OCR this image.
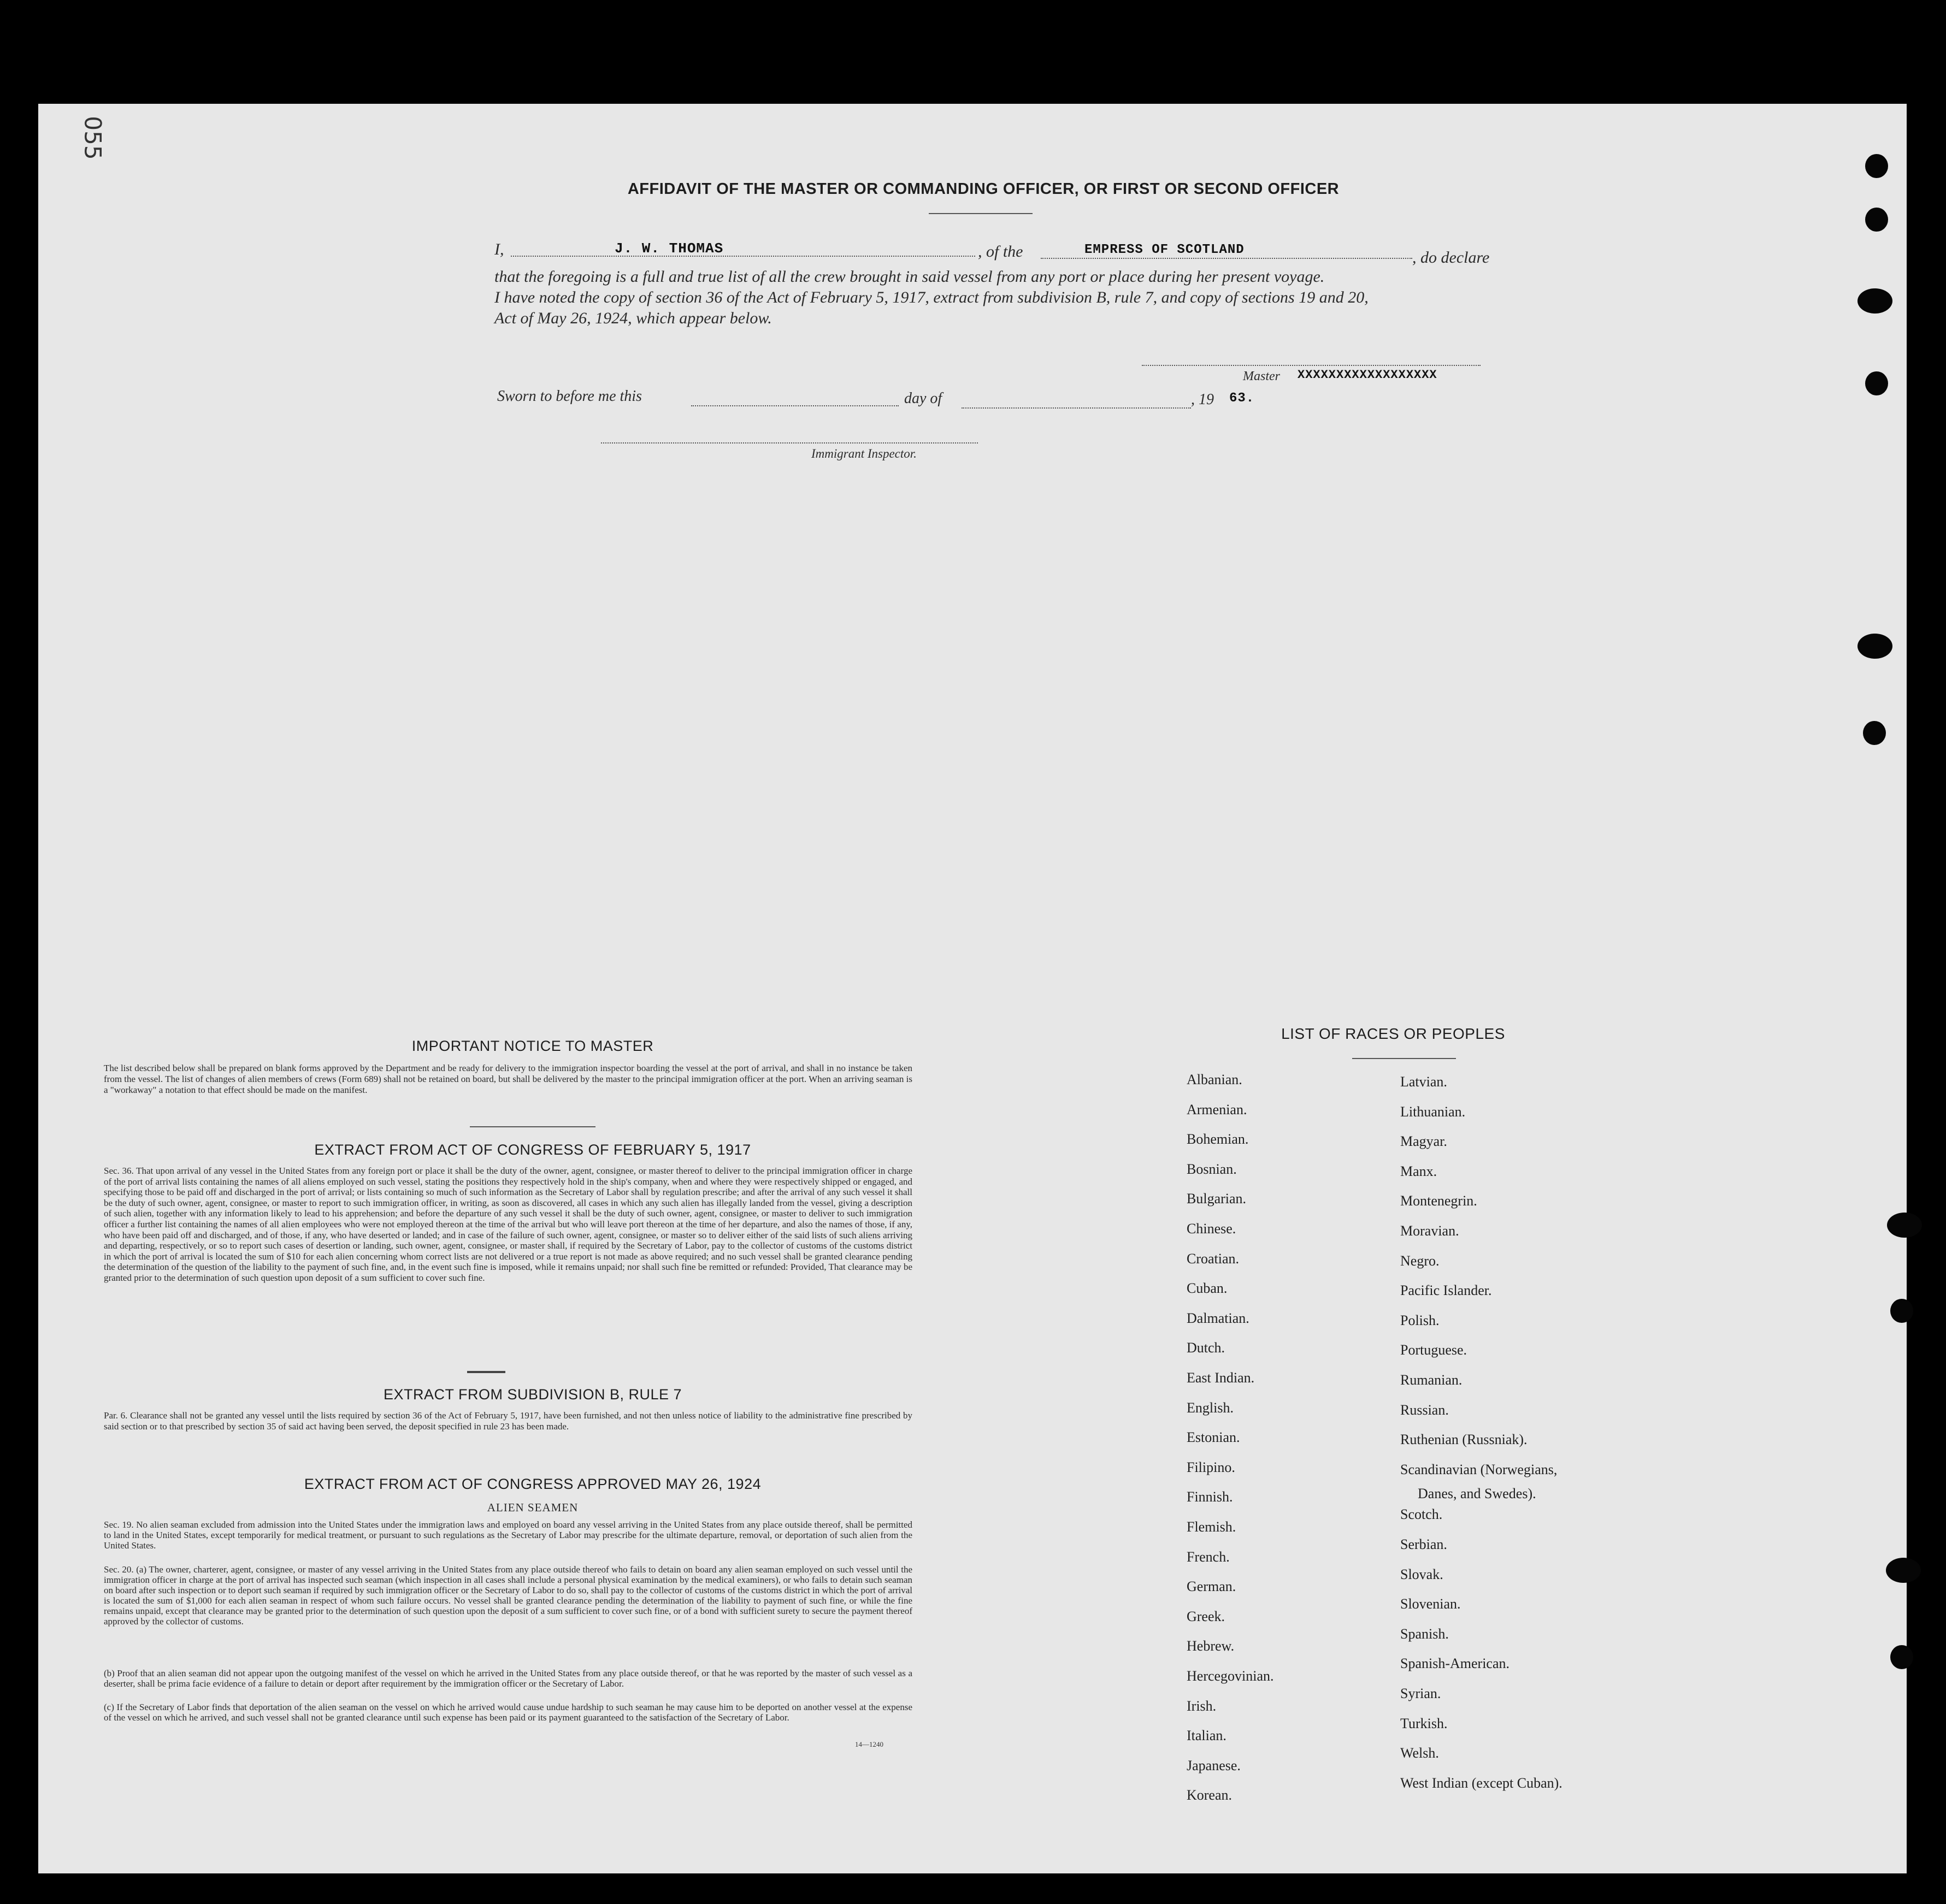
055
AFFIDAVIT OF THE MASTER OR COMMANDING OFFICER, OR FIRST OR SECOND OFFICER
I,	J. W. THOMAS	, of the	EMPRESS OF SCOTLAND	, do declare
that the foregoing is a full and true list of all the crew brought in said vessel from any port or place during her present voyage.
I have noted the copy of section 36 of the Act of February 5, 1917, extract from subdivision B, rule 7, and copy of sections 19 and 20,
Act of May 26, 1924, which appear below.
Master XXXXXXXXXXXXXXXXXX
Sworn to before me this	day of	, 19 63.
Immigrant Inspector.
IMPORTANT NOTICE TO MASTER
The list described below shall be prepared on blank forms approved by the Department and be ready for delivery to the immigration inspector boarding the vessel at the port of arrival, and shall in no instance be taken from the vessel. The list of changes of alien members of crews (Form 689) shall not be retained on board, but shall be delivered by the master to the principal immigration officer at the port. When an arriving seaman is a "workaway" a notation to that effect should be made on the manifest.
EXTRACT FROM ACT OF CONGRESS OF FEBRUARY 5, 1917
Sec. 36. That upon arrival of any vessel in the United States from any foreign port or place it shall be the duty of the owner, agent, consignee, or master thereof to deliver to the principal immigration officer in charge of the port of arrival lists containing the names of all aliens employed on such vessel, stating the positions they respectively hold in the ship's company, when and where they were respectively shipped or engaged, and specifying those to be paid off and discharged in the port of arrival; or lists containing so much of such information as the Secretary of Labor shall by regulation prescribe; and after the arrival of any such vessel it shall be the duty of such owner, agent, consignee, or master to report to such immigration officer, in writing, as soon as discovered, all cases in which any such alien has illegally landed from the vessel, giving a description of such alien, together with any information likely to lead to his apprehension; and before the departure of any such vessel it shall be the duty of such owner, agent, consignee, or master to deliver to such immigration officer a further list containing the names of all alien employees who were not employed thereon at the time of the arrival but who will leave port thereon at the time of her departure, and also the names of those, if any, who have been paid off and discharged, and of those, if any, who have deserted or landed; and in case of the failure of such owner, agent, consignee, or master so to deliver either of the said lists of such aliens arriving and departing, respectively, or so to report such cases of desertion or landing, such owner, agent, consignee, or master shall, if required by the Secretary of Labor, pay to the collector of customs of the customs district in which the port of arrival is located the sum of $10 for each alien concerning whom correct lists are not delivered or a true report is not made as above required; and no such vessel shall be granted clearance pending the determination of the question of the liability to the payment of such fine, and, in the event such fine is imposed, while it remains unpaid; nor shall such fine be remitted or refunded: Provided, That clearance may be granted prior to the determination of such question upon deposit of a sum sufficient to cover such fine.
EXTRACT FROM SUBDIVISION B, RULE 7
Par. 6. Clearance shall not be granted any vessel until the lists required by section 36 of the Act of February 5, 1917, have been furnished, and not then unless notice of liability to the administrative fine prescribed by said section or to that prescribed by section 35 of said act having been served, the deposit specified in rule 23 has been made.
EXTRACT FROM ACT OF CONGRESS APPROVED MAY 26, 1924
ALIEN SEAMEN
Sec. 19. No alien seaman excluded from admission into the United States under the immigration laws and employed on board any vessel arriving in the United States from any place outside thereof, shall be permitted to land in the United States, except temporarily for medical treatment, or pursuant to such regulations as the Secretary of Labor may prescribe for the ultimate departure, removal, or deportation of such alien from the United States.
Sec. 20. (a) The owner, charterer, agent, consignee, or master of any vessel arriving in the United States from any place outside thereof who fails to detain on board any alien seaman employed on such vessel until the immigration officer in charge at the port of arrival has inspected such seaman (which inspection in all cases shall include a personal physical examination by the medical examiners), or who fails to detain such seaman on board after such inspection or to deport such seaman if required by such immigration officer or the Secretary of Labor to do so, shall pay to the collector of customs of the customs district in which the port of arrival is located the sum of $1,000 for each alien seaman in respect of whom such failure occurs. No vessel shall be granted clearance pending the determination of the liability to payment of such fine, or while the fine remains unpaid, except that clearance may be granted prior to the determination of such question upon the deposit of a sum sufficient to cover such fine, or of a bond with sufficient surety to secure the payment thereof approved by the collector of customs.
(b) Proof that an alien seaman did not appear upon the outgoing manifest of the vessel on which he arrived in the United States from any place outside thereof, or that he was reported by the master of such vessel as a deserter, shall be prima facie evidence of a failure to detain or deport after requirement by the immigration officer or the Secretary of Labor.
(c) If the Secretary of Labor finds that deportation of the alien seaman on the vessel on which he arrived would cause undue hardship to such seaman he may cause him to be deported on another vessel at the expense of the vessel on which he arrived, and such vessel shall not be granted clearance until such expense has been paid or its payment guaranteed to the satisfaction of the Secretary of Labor.
14—1240
LIST OF RACES OR PEOPLES
Albanian.
Armenian.
Bohemian.
Bosnian.
Bulgarian.
Chinese.
Croatian.
Cuban.
Dalmatian.
Dutch.
East Indian.
English.
Estonian.
Filipino.
Finnish.
Flemish.
French.
German.
Greek.
Hebrew.
Hercegovinian.
Irish.
Italian.
Japanese.
Korean.
Latvian.
Lithuanian.
Magyar.
Manx.
Montenegrin.
Moravian.
Negro.
Pacific Islander.
Polish.
Portuguese.
Rumanian.
Russian.
Ruthenian (Russniak).
Scandinavian (Norwegians,
Scotch.
Serbian.
Slovak.
Slovenian.
Spanish.
Spanish-American.
Syrian.
Turkish.
Welsh.
West Indian (except Cuban).
Danes, and Swedes).
